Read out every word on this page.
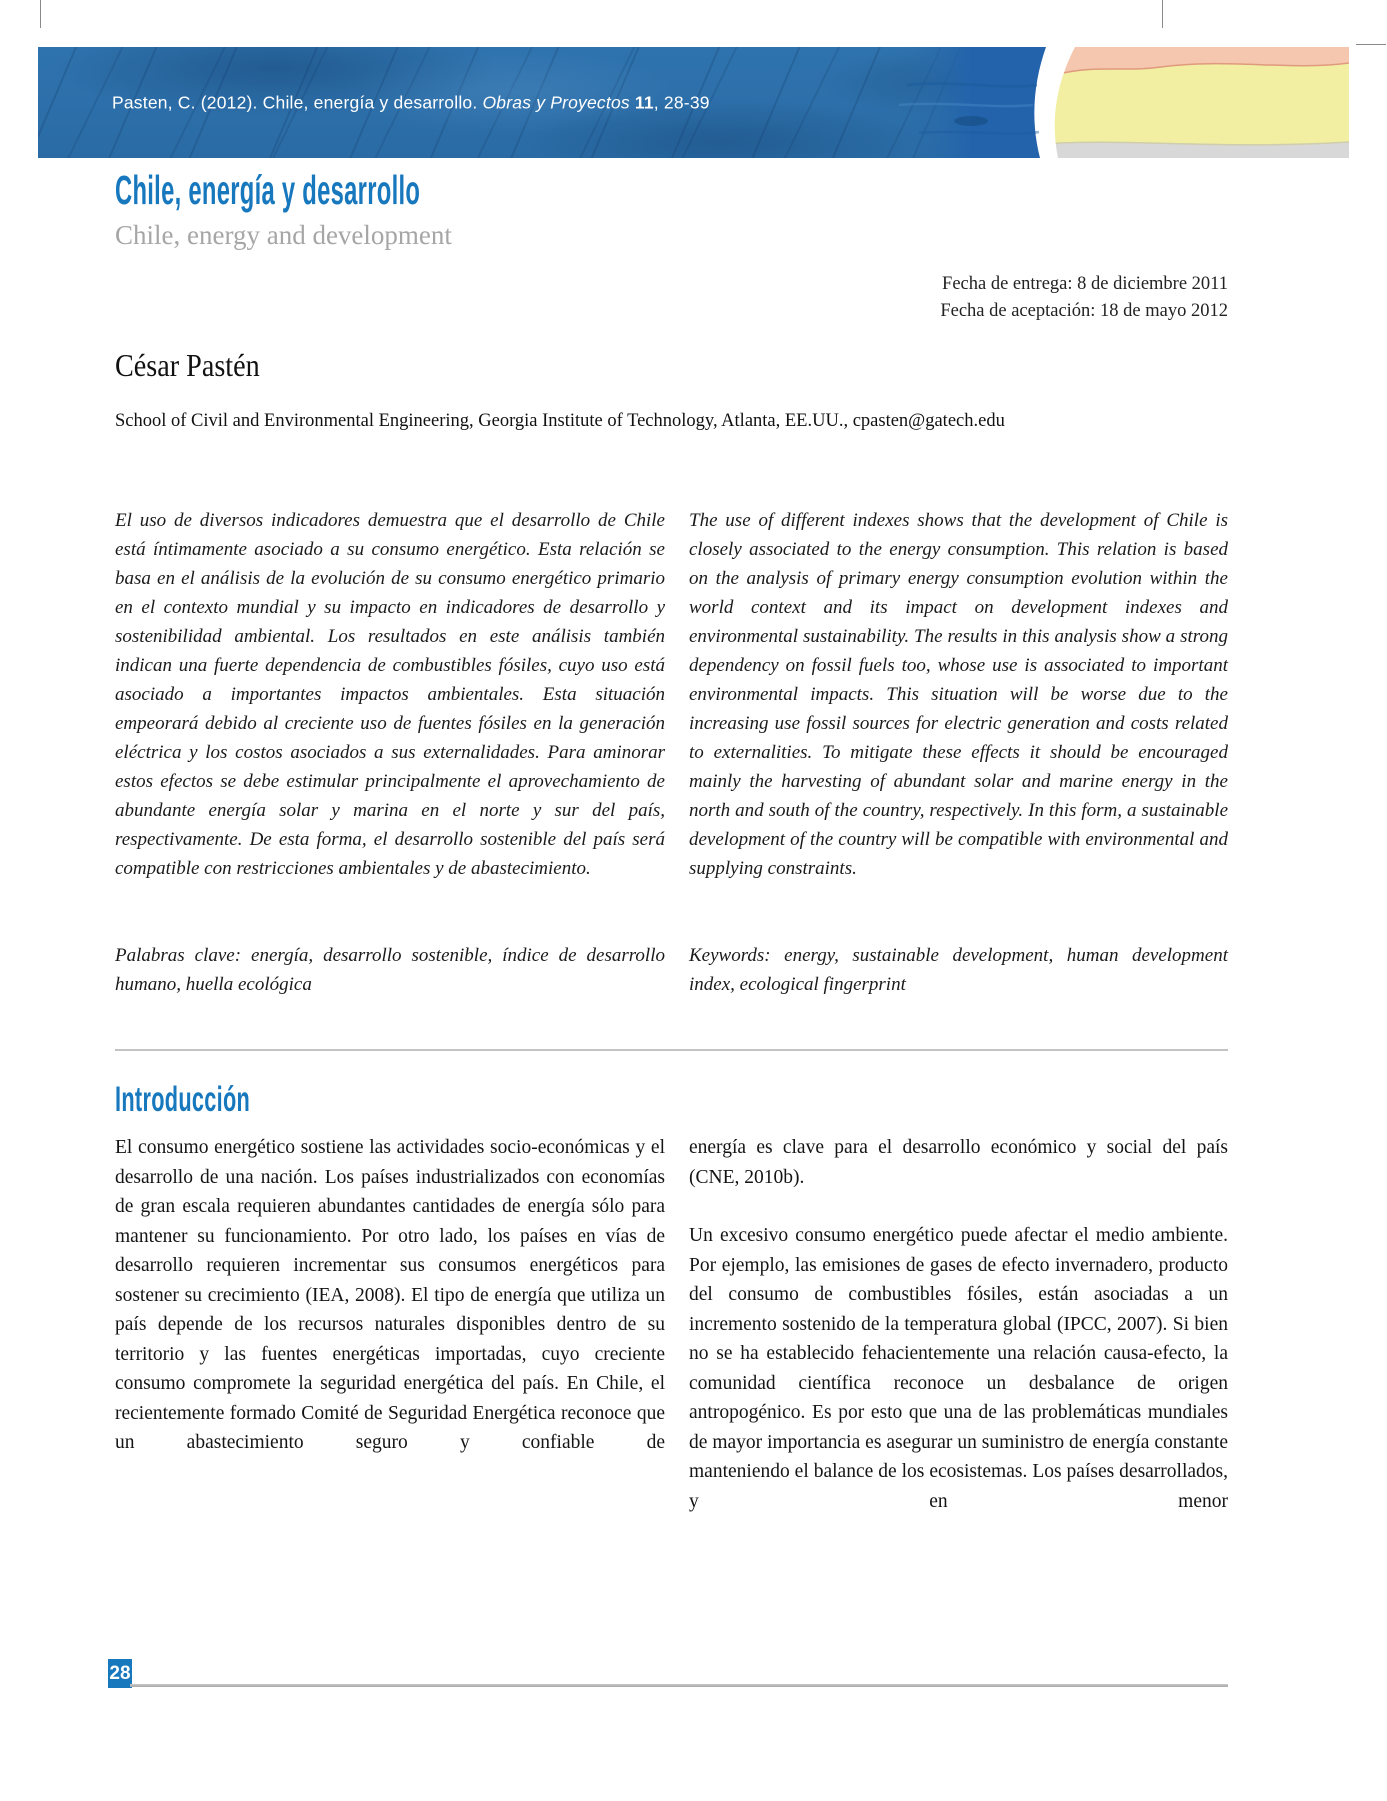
Pasten, C. (2012). Chile, energía y desarrollo. Obras y Proyectos 11, 28-39
Chile, energía y desarrollo
Chile, energy and development
Fecha de entrega: 8 de diciembre 2011
Fecha de aceptación: 18 de mayo 2012
César Pastén
School of Civil and Environmental Engineering, Georgia Institute of Technology, Atlanta, EE.UU., cpasten@gatech.edu

El uso de diversos indicadores demuestra que el desarrollo de Chile está íntimamente asociado a su consumo energético. Esta relación se basa en el análisis de la evolución de su consumo energético primario en el contexto mundial y su impacto en indicadores de desarrollo y sostenibilidad ambiental. Los resultados en este análisis también indican una fuerte dependencia de combustibles fósiles, cuyo uso está asociado a importantes impactos ambientales. Esta situación empeorará debido al creciente uso de fuentes fósiles en la generación eléctrica y los costos asociados a sus externalidades. Para aminorar estos efectos se debe estimular principalmente el aprovechamiento de abundante energía solar y marina en el norte y sur del país, respectivamente. De esta forma, el desarrollo sostenible del país será compatible con restricciones ambientales y de abastecimiento.

Palabras clave: energía, desarrollo sostenible, índice de desarrollo humano, huella ecológica

The use of different indexes shows that the development of Chile is closely associated to the energy consumption. This relation is based on the analysis of primary energy consumption evolution within the world context and its impact on development indexes and environmental sustainability. The results in this analysis show a strong dependency on fossil fuels too, whose use is associated to important environmental impacts. This situation will be worse due to the increasing use fossil sources for electric generation and costs related to externalities. To mitigate these effects it should be encouraged mainly the harvesting of abundant solar and marine energy in the north and south of the country, respectively. In this form, a sustainable development of the country will be compatible with environmental and supplying constraints.

Keywords: energy, sustainable development, human development index, ecological fingerprint

Introducción

El consumo energético sostiene las actividades socio-económicas y el desarrollo de una nación. Los países industrializados con economías de gran escala requieren abundantes cantidades de energía sólo para mantener su funcionamiento. Por otro lado, los países en vías de desarrollo requieren incrementar sus consumos energéticos para sostener su crecimiento (IEA, 2008). El tipo de energía que utiliza un país depende de los recursos naturales disponibles dentro de su territorio y las fuentes energéticas importadas, cuyo creciente consumo compromete la seguridad energética del país. En Chile, el recientemente formado Comité de Seguridad Energética reconoce que un abastecimiento seguro y confiable de

energía es clave para el desarrollo económico y social del país (CNE, 2010b).

Un excesivo consumo energético puede afectar el medio ambiente. Por ejemplo, las emisiones de gases de efecto invernadero, producto del consumo de combustibles fósiles, están asociadas a un incremento sostenido de la temperatura global (IPCC, 2007). Si bien no se ha establecido fehacientemente una relación causa-efecto, la comunidad científica reconoce un desbalance de origen antropogénico. Es por esto que una de las problemáticas mundiales de mayor importancia es asegurar un suministro de energía constante manteniendo el balance de los ecosistemas. Los países desarrollados, y en menor

28
